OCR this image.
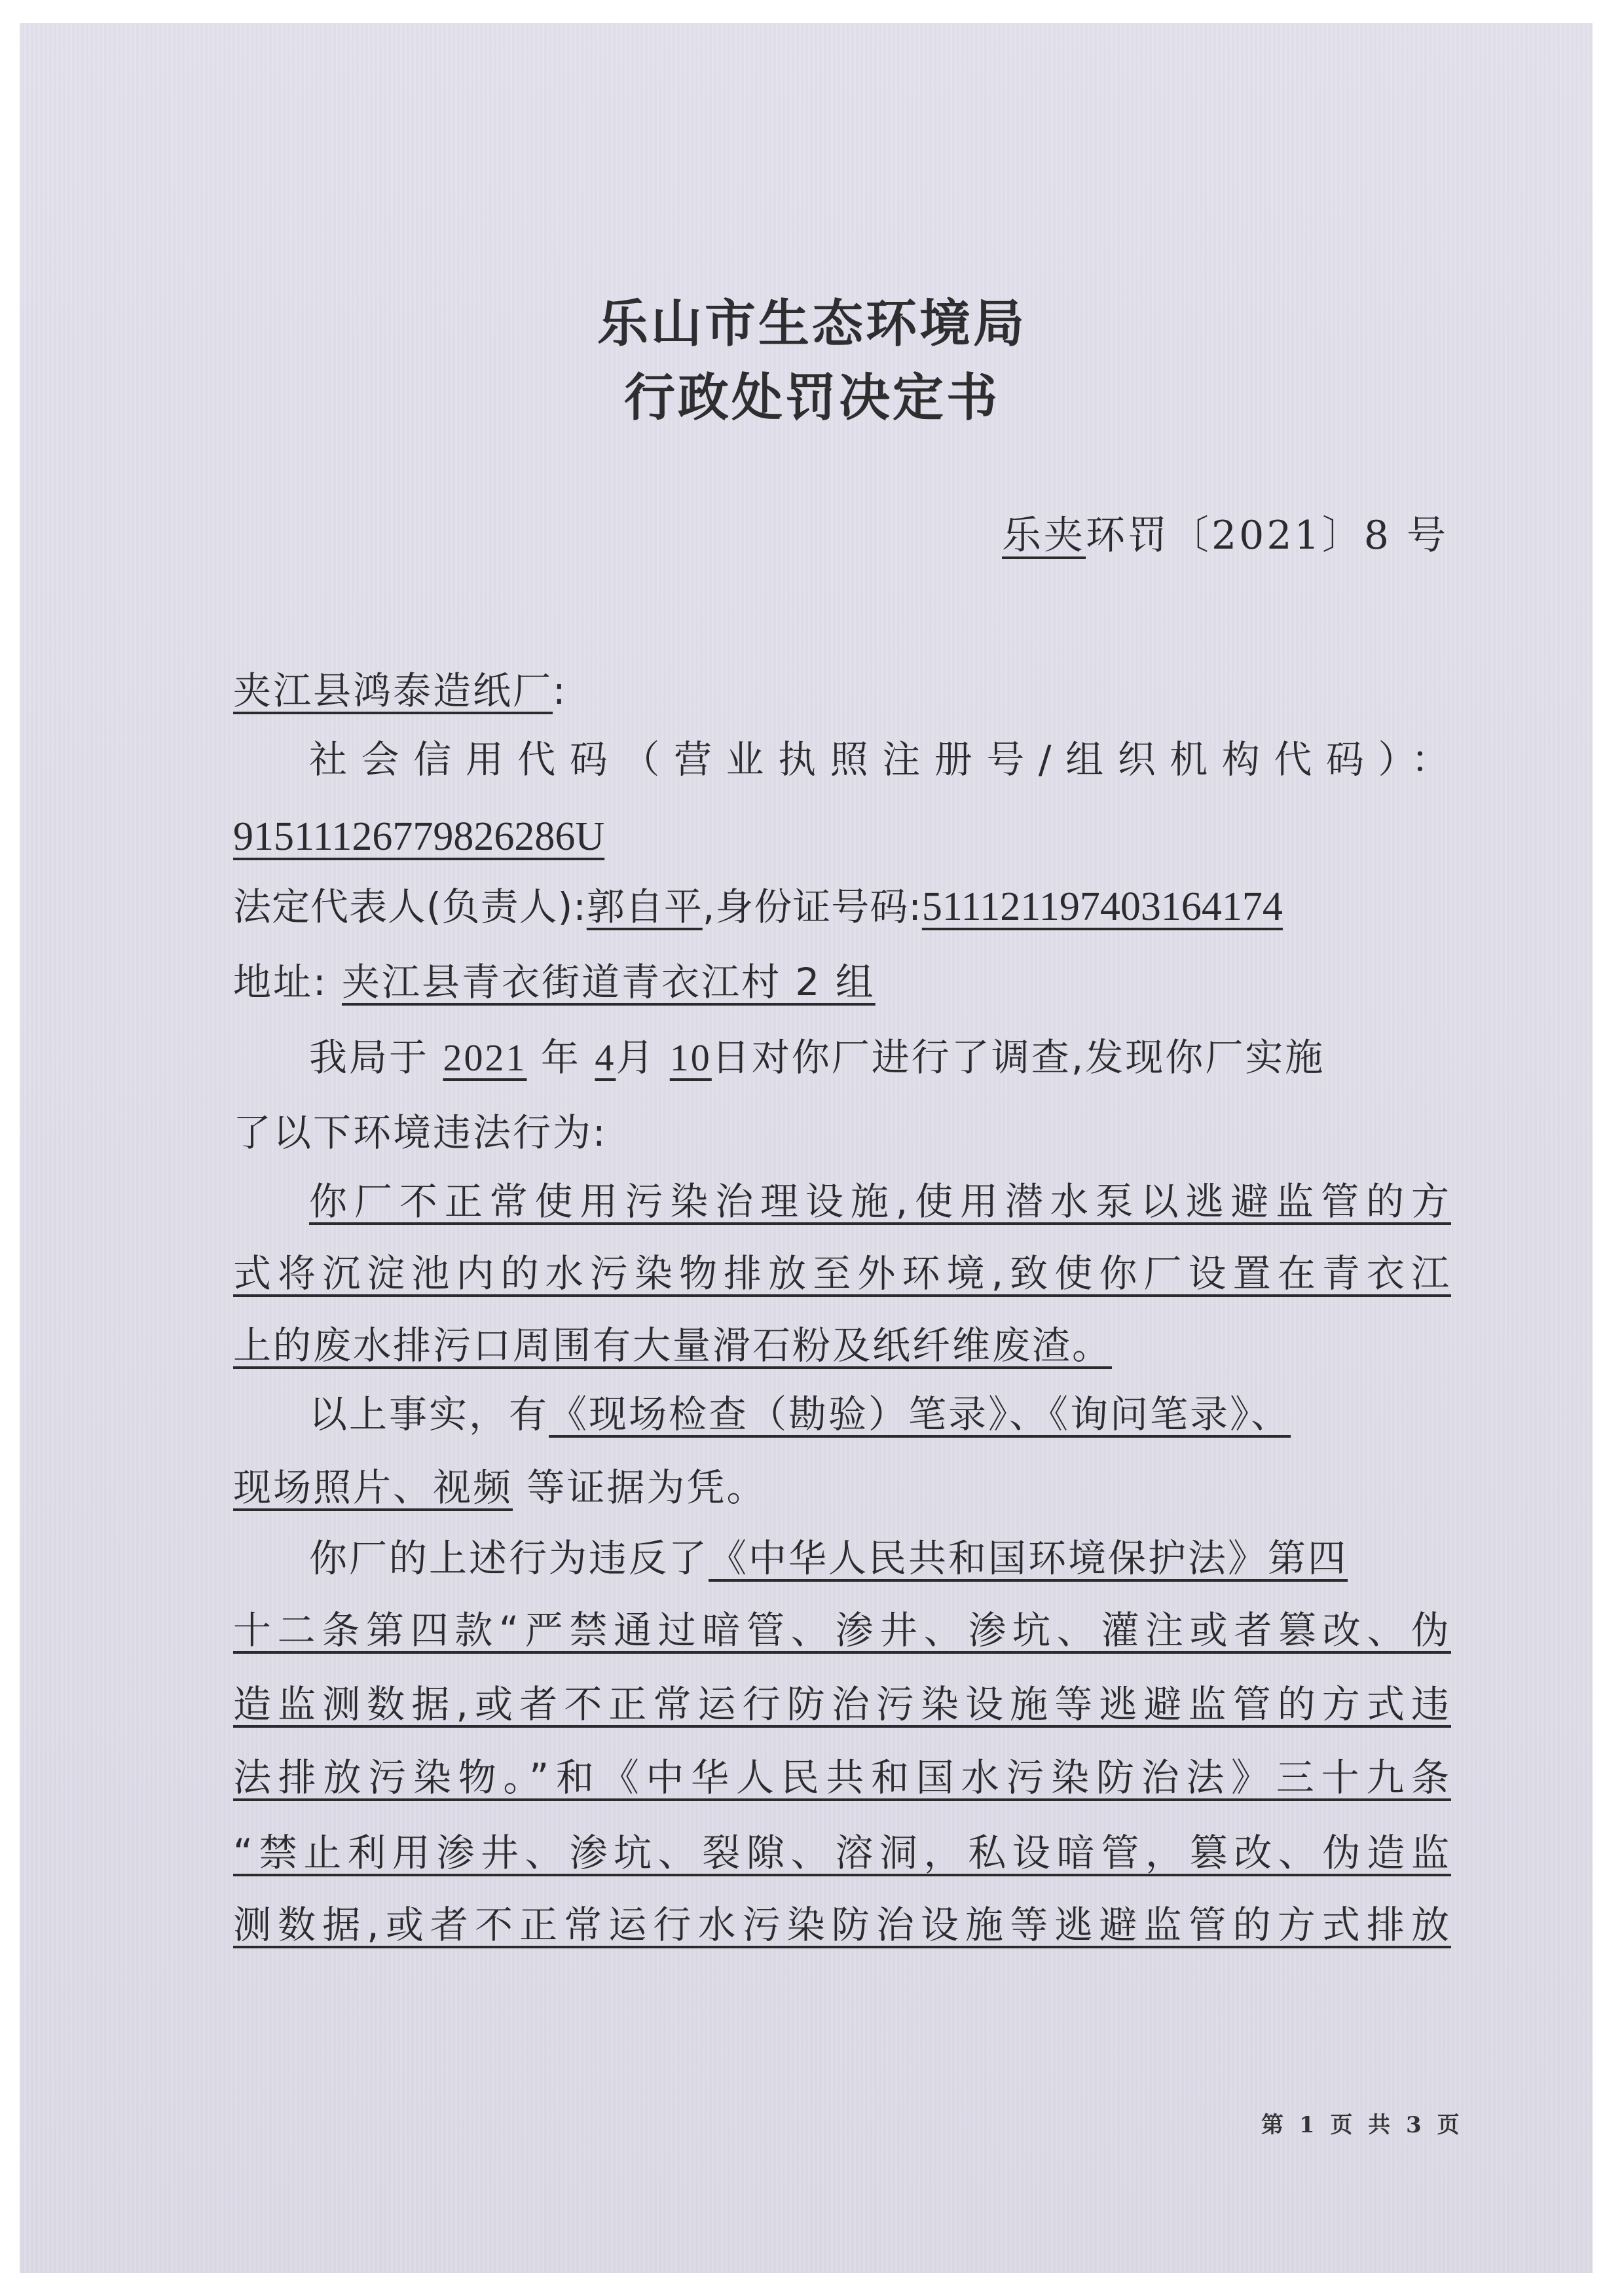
乐山市生态环境局
行政处罚决定书
乐夹环罚〔2021〕8 号
夹江县鸿泰造纸厂:
社会信用代码（营业执照注册号/组织机构代码）：
91511126779826286U
法定代表人(负责人):郭自平,身份证号码:511121197403164174
地址: 夹江县青衣街道青衣江村 2 组
我局于 2021 年 4月 10日对你厂进行了调查,发现你厂实施
了以下环境违法行为:
你厂不正常使用污染治理设施,使用潜水泵以逃避监管的方
式将沉淀池内的水污染物排放至外环境,致使你厂设置在青衣江
上的废水排污口周围有大量滑石粉及纸纤维废渣。
以上事实，有《现场检查（勘验）笔录》、《询问笔录》、
现场照片、视频 等证据为凭。
你厂的上述行为违反了《中华人民共和国环境保护法》第四
十二条第四款“严禁通过暗管、渗井、渗坑、灌注或者篡改、伪
造监测数据,或者不正常运行防治污染设施等逃避监管的方式违
法排放污染物。”和《中华人民共和国水污染防治法》三十九条
“禁止利用渗井、渗坑、裂隙、溶洞，私设暗管，篡改、伪造监
测数据,或者不正常运行水污染防治设施等逃避监管的方式排放
第 1 页 共 3 页
